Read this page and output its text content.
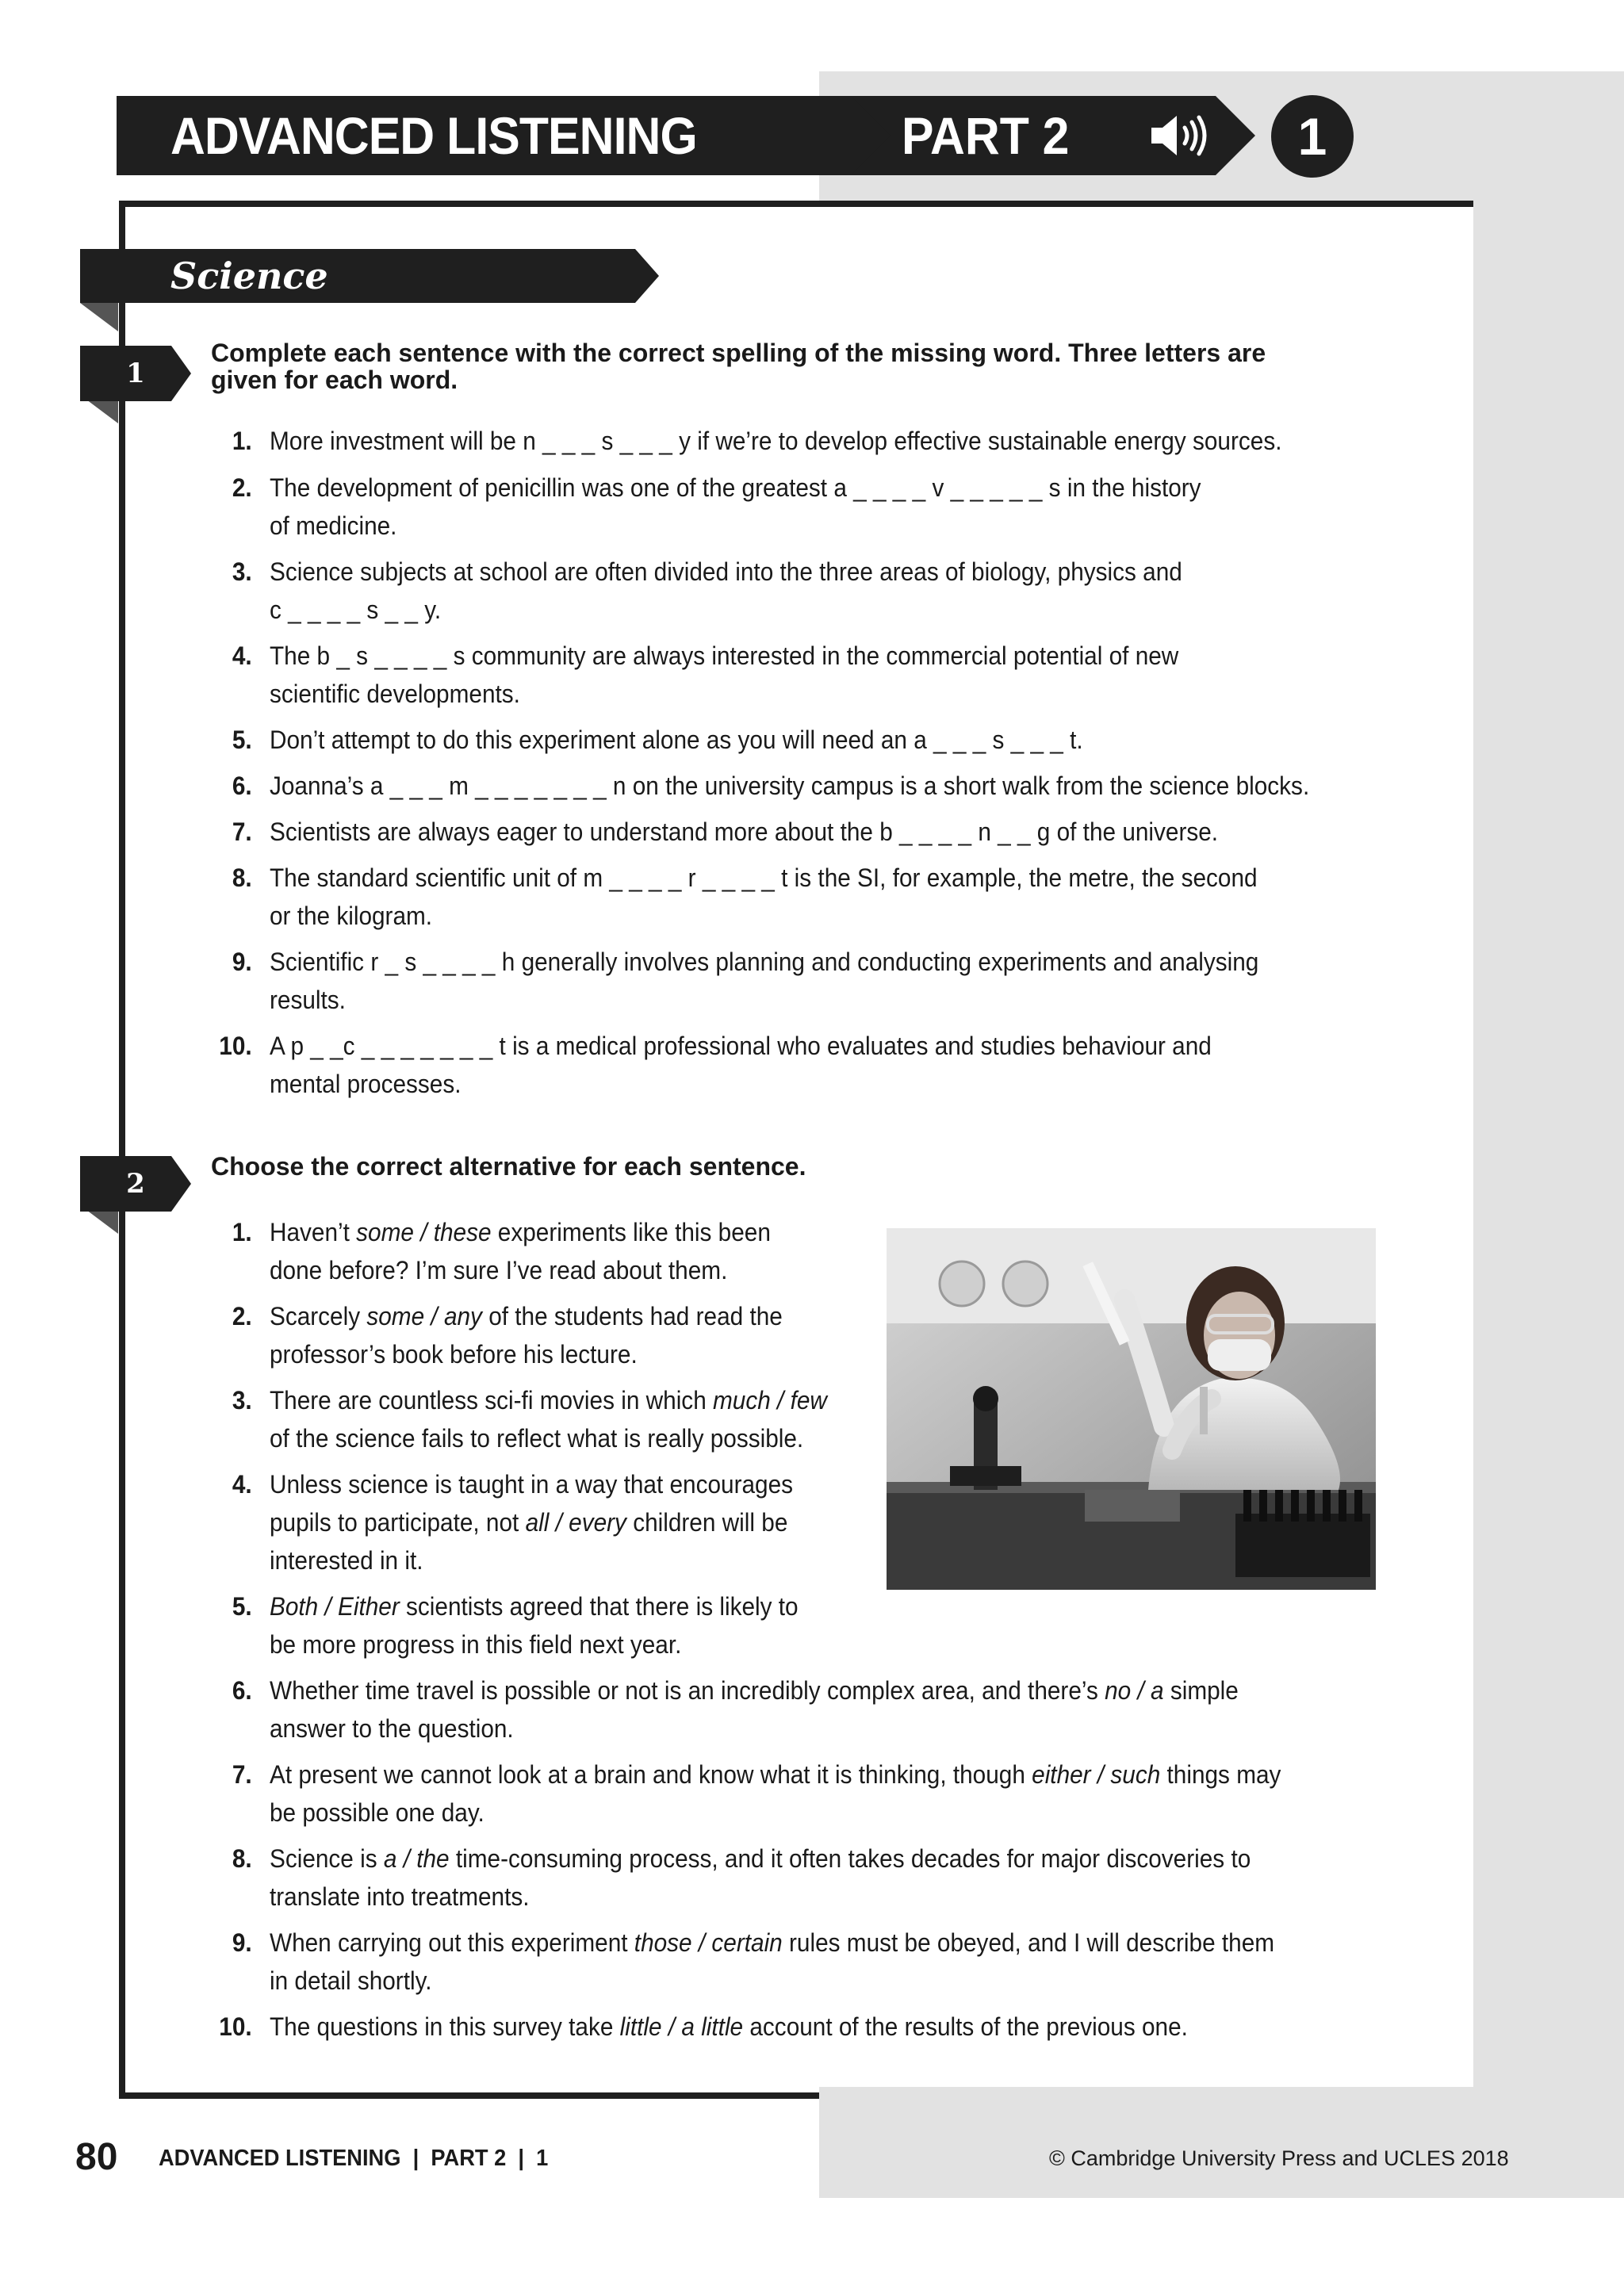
ADVANCED LISTENING	PART 2	1
Science
1
Complete each sentence with the correct spelling of the missing word. Three letters are
given for each word.
1. More investment will be n _ _ _ s _ _ _ y if we’re to develop effective sustainable energy sources.
2. The development of penicillin was one of the greatest a _ _ _ _ v _ _ _ _ _ s in the history
of medicine.
3. Science subjects at school are often divided into the three areas of biology, physics and
c _ _ _ _ s _ _ y.
4. The b _ s _ _ _ _ s community are always interested in the commercial potential of new
scientific developments.
5. Don’t attempt to do this experiment alone as you will need an a _ _ _ s _ _ _ t.
6. Joanna’s a _ _ _ m _ _ _ _ _ _ _ n on the university campus is a short walk from the science blocks.
7. Scientists are always eager to understand more about the b _ _ _ _ n _ _ g of the universe.
8. The standard scientific unit of m _ _ _ _ r _ _ _ _ t is the SI, for example, the metre, the second
or the kilogram.
9. Scientific r _ s _ _ _ _ h generally involves planning and conducting experiments and analysing
results.
10. A p _ _c _ _ _ _ _ _ _ t is a medical professional who evaluates and studies behaviour and
mental processes.
2
Choose the correct alternative for each sentence.
1. Haven’t some / these experiments like this been
done before? I’m sure I’ve read about them.
2. Scarcely some / any of the students had read the
professor’s book before his lecture.
3. There are countless sci-fi movies in which much / few
of the science fails to reflect what is really possible.
4. Unless science is taught in a way that encourages
pupils to participate, not all / every children will be
interested in it.
5. Both / Either scientists agreed that there is likely to
be more progress in this field next year.
6. Whether time travel is possible or not is an incredibly complex area, and there’s no / a simple
answer to the question.
7. At present we cannot look at a brain and know what it is thinking, though either / such things may
be possible one day.
8. Science is a / the time-consuming process, and it often takes decades for major discoveries to
translate into treatments.
9. When carrying out this experiment those / certain rules must be obeyed, and I will describe them
in detail shortly.
10. The questions in this survey take little / a little account of the results of the previous one.
80 ADVANCED LISTENING  |  PART 2  |  1	© Cambridge University Press and UCLES 2018
